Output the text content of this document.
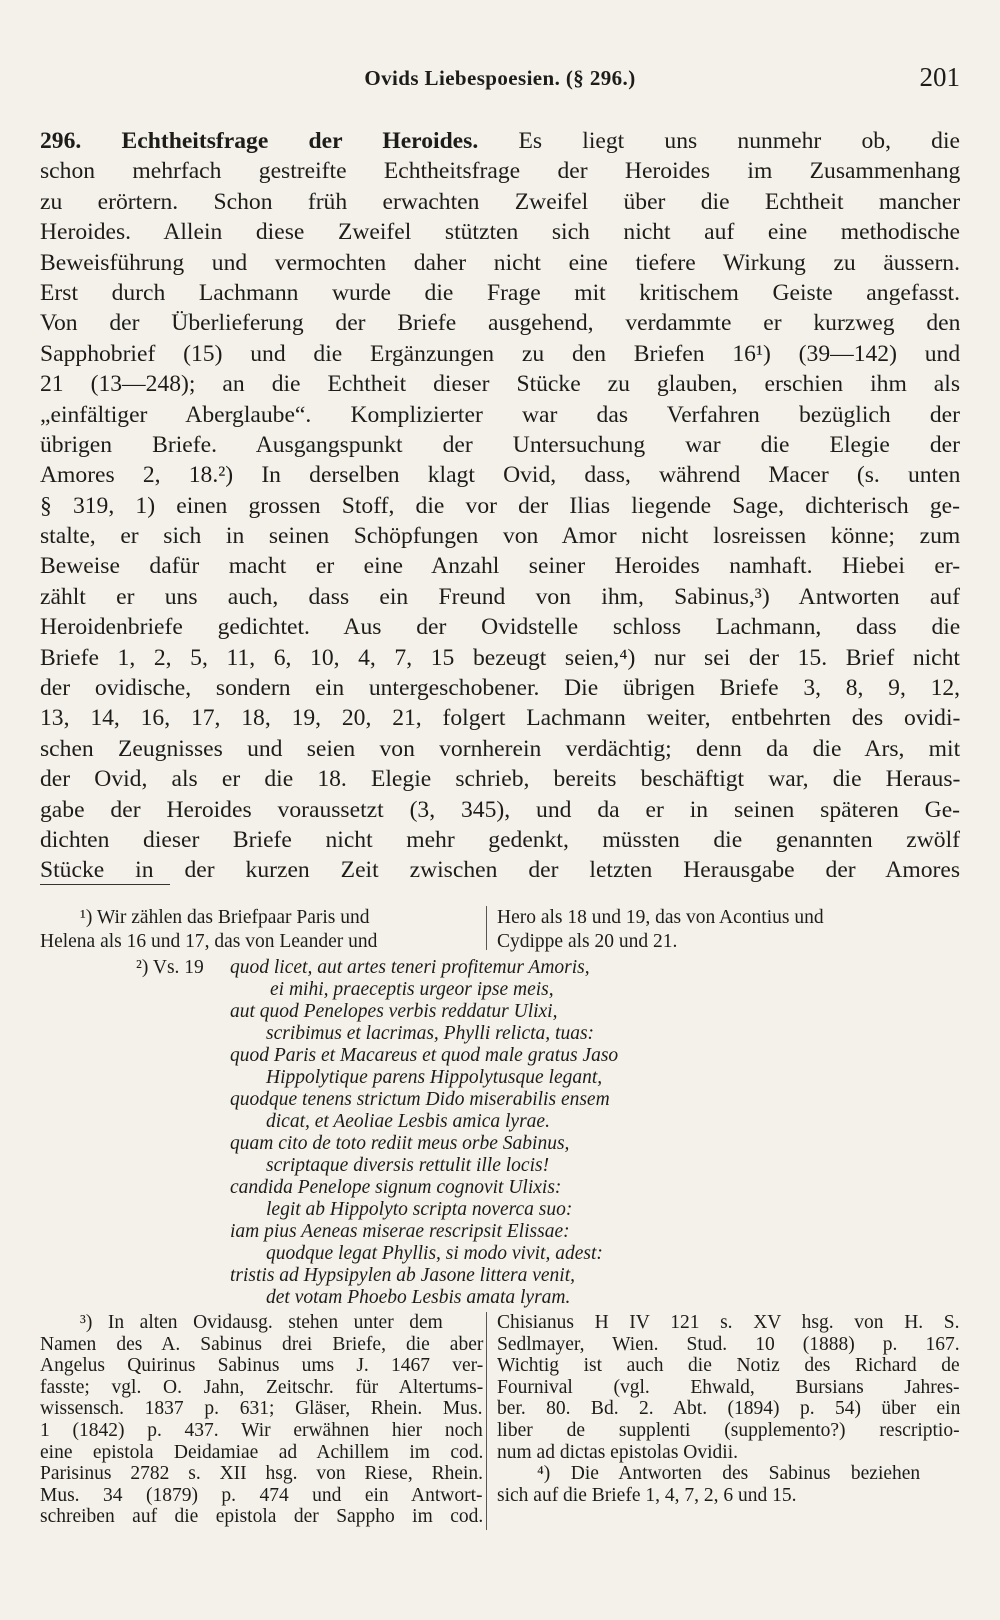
Ovids Liebespoesien. (§ 296.)	201
296. Echtheitsfrage der Heroides. Es liegt uns nunmehr ob, die
schon mehrfach gestreifte Echtheitsfrage der Heroides im Zusammenhang
zu erörtern. Schon früh erwachten Zweifel über die Echtheit mancher
Heroides. Allein diese Zweifel stützten sich nicht auf eine methodische
Beweisführung und vermochten daher nicht eine tiefere Wirkung zu äussern.
Erst durch Lachmann wurde die Frage mit kritischem Geiste angefasst.
Von der Überlieferung der Briefe ausgehend, verdammte er kurzweg den
Sapphobrief (15) und die Ergänzungen zu den Briefen 16¹) (39—142) und
21 (13—248); an die Echtheit dieser Stücke zu glauben, erschien ihm als
„einfältiger Aberglaube“. Komplizierter war das Verfahren bezüglich der
übrigen Briefe. Ausgangspunkt der Untersuchung war die Elegie der
Amores 2, 18.²) In derselben klagt Ovid, dass, während Macer (s. unten
§ 319, 1) einen grossen Stoff, die vor der Ilias liegende Sage, dichterisch ge-
stalte, er sich in seinen Schöpfungen von Amor nicht losreissen könne; zum
Beweise dafür macht er eine Anzahl seiner Heroides namhaft. Hiebei er-
zählt er uns auch, dass ein Freund von ihm, Sabinus,³) Antworten auf
Heroidenbriefe gedichtet. Aus der Ovidstelle schloss Lachmann, dass die
Briefe 1, 2, 5, 11, 6, 10, 4, 7, 15 bezeugt seien,⁴) nur sei der 15. Brief nicht
der ovidische, sondern ein untergeschobener. Die übrigen Briefe 3, 8, 9, 12,
13, 14, 16, 17, 18, 19, 20, 21, folgert Lachmann weiter, entbehrten des ovidi-
schen Zeugnisses und seien von vornherein verdächtig; denn da die Ars, mit
der Ovid, als er die 18. Elegie schrieb, bereits beschäftigt war, die Heraus-
gabe der Heroides voraussetzt (3, 345), und da er in seinen späteren Ge-
dichten dieser Briefe nicht mehr gedenkt, müssten die genannten zwölf
Stücke in der kurzen Zeit zwischen der letzten Herausgabe der Amores
¹) Wir zählen das Briefpaar Paris und
Helena als 16 und 17, das von Leander und
Hero als 18 und 19, das von Acontius und
Cydippe als 20 und 21.
²) Vs. 19 quod licet, aut artes teneri profitemur Amoris,
ei mihi, praeceptis urgeor ipse meis,
aut quod Penelopes verbis reddatur Ulixi,
scribimus et lacrimas, Phylli relicta, tuas:
quod Paris et Macareus et quod male gratus Jaso
Hippolytique parens Hippolytusque legant,
quodque tenens strictum Dido miserabilis ensem
dicat, et Aeoliae Lesbis amica lyrae.
quam cito de toto rediit meus orbe Sabinus,
scriptaque diversis rettulit ille locis!
candida Penelope signum cognovit Ulixis:
legit ab Hippolyto scripta noverca suo:
iam pius Aeneas miserae rescripsit Elissae:
quodque legat Phyllis, si modo vivit, adest:
tristis ad Hypsipylen ab Jasone littera venit,
det votam Phoebo Lesbis amata lyram.
³) In alten Ovidausg. stehen unter dem
Namen des A. Sabinus drei Briefe, die aber
Angelus Quirinus Sabinus ums J. 1467 ver-
fasste; vgl. O. Jahn, Zeitschr. für Altertums-
wissensch. 1837 p. 631; Gläser, Rhein. Mus.
1 (1842) p. 437. Wir erwähnen hier noch
eine epistola Deidamiae ad Achillem im cod.
Parisinus 2782 s. XII hsg. von Riese, Rhein.
Mus. 34 (1879) p. 474 und ein Antwort-
schreiben auf die epistola der Sappho im cod.
Chisianus H IV 121 s. XV hsg. von H. S.
Sedlmayer, Wien. Stud. 10 (1888) p. 167.
Wichtig ist auch die Notiz des Richard de
Fournival (vgl. Ehwald, Bursians Jahres-
ber. 80. Bd. 2. Abt. (1894) p. 54) über ein
liber de supplenti (supplemento?) rescriptio-
num ad dictas epistolas Ovidii.
⁴) Die Antworten des Sabinus beziehen
sich auf die Briefe 1, 4, 7, 2, 6 und 15.
